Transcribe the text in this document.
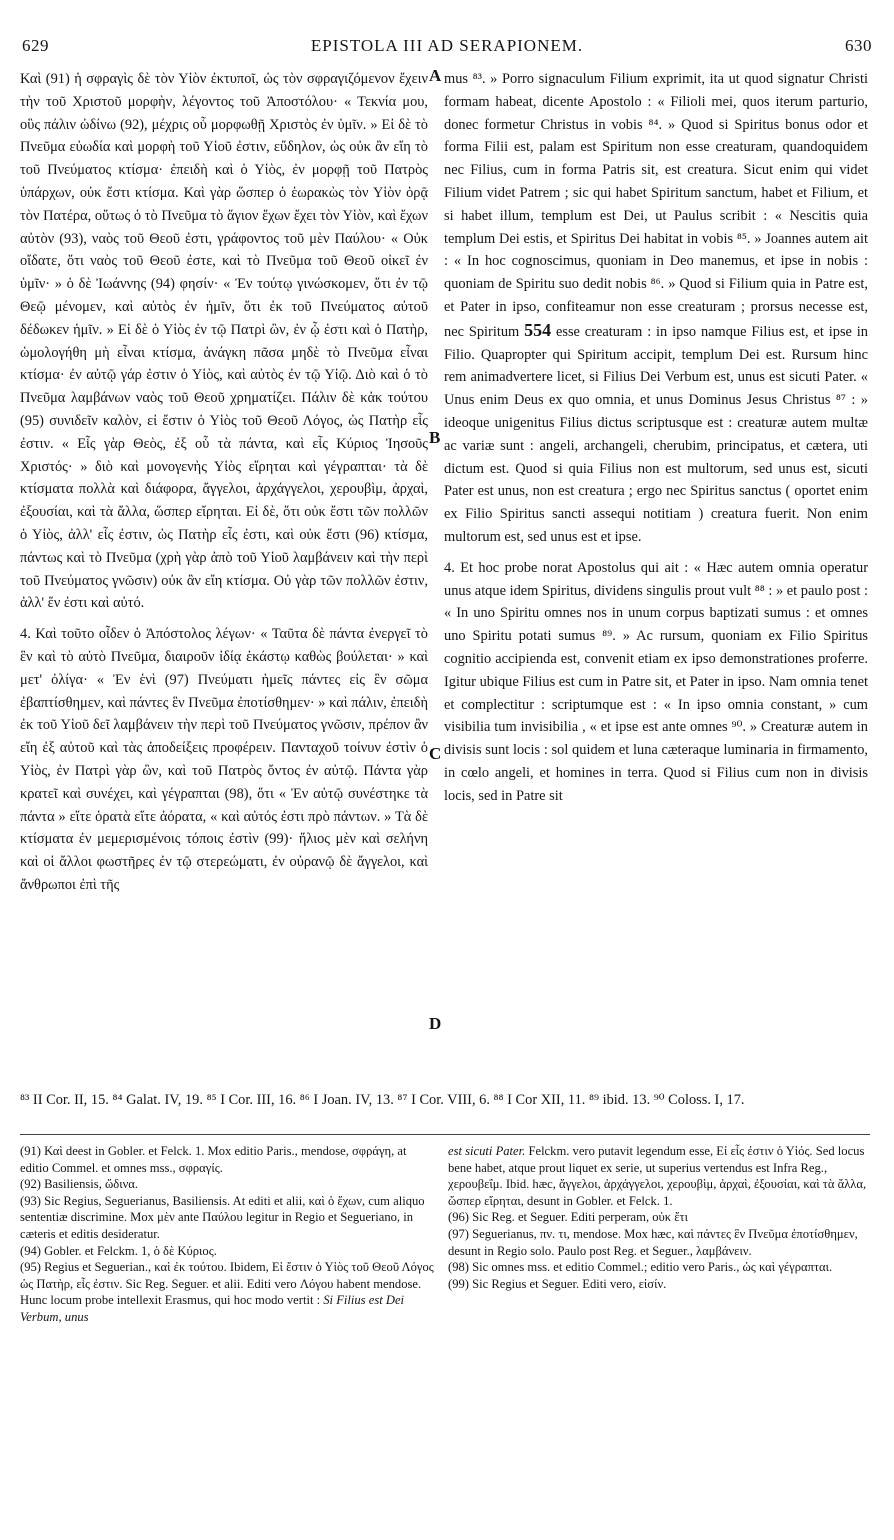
629	EPISTOLA III AD SERAPIONEM.	630
Καὶ (91) ἡ σφραγὶς δὲ τὸν Υἱὸν ἐκτυποῖ, ὡς τὸν σφραγιζόμενον ἔχειν τὴν τοῦ Χριστοῦ μορφὴν, λέγοντος τοῦ Ἀποστόλου· « Τεκνία μου, οὓς πάλιν ὠδίνω (92), μέχρις οὗ μορφωθῇ Χριστὸς ἐν ὑμῖν. » Εἰ δὲ τὸ Πνεῦμα εὐωδία καὶ μορφὴ τοῦ Υἱοῦ ἐστιν, εὔδηλον, ὡς οὐκ ἂν εἴη τὸ τοῦ Πνεύματος κτίσμα· ἐπειδὴ καὶ ὁ Υἱὸς, ἐν μορφῇ τοῦ Πατρὸς ὑπάρχων, οὐκ ἔστι κτίσμα. Καὶ γὰρ ὥσπερ ὁ ἑωρακὼς τὸν Υἱὸν ὁρᾷ τὸν Πατέρα, οὕτως ὁ τὸ Πνεῦμα τὸ ἅγιον ἔχων ἔχει τὸν Υἱὸν, καὶ ἔχων αὐτὸν (93), ναὸς τοῦ Θεοῦ ἐστι, γράφοντος τοῦ μὲν Παύλου· « Οὐκ οἴδατε, ὅτι ναὸς τοῦ Θεοῦ ἐστε, καὶ τὸ Πνεῦμα τοῦ Θεοῦ οἰκεῖ ἐν ὑμῖν· » ὁ δὲ Ἰωάννης (94) φησίν· « Ἐν τούτῳ γινώσκομεν, ὅτι ἐν τῷ Θεῷ μένομεν, καὶ αὐτὸς ἐν ἡμῖν, ὅτι ἐκ τοῦ Πνεύματος αὐτοῦ δέδωκεν ἡμῖν. » Εἰ δὲ ὁ Υἱὸς ἐν τῷ Πατρὶ ὢν, ἐν ᾧ ἐστι καὶ ὁ Πατὴρ, ὡμολογήθη μὴ εἶναι κτίσμα, ἀνάγκη πᾶσα μηδὲ τὸ Πνεῦμα εἶναι κτίσμα· ἐν αὐτῷ γάρ ἐστιν ὁ Υἱὸς, καὶ αὐτὸς ἐν τῷ Υἱῷ. Διὸ καὶ ὁ τὸ Πνεῦμα λαμβάνων ναὸς τοῦ Θεοῦ χρηματίζει. Πάλιν δὲ κἀκ τούτου (95) συνιδεῖν καλὸν, εἰ ἔστιν ὁ Υἱὸς τοῦ Θεοῦ Λόγος, ὡς Πατὴρ εἷς ἐστιν. « Εἷς γὰρ Θεὸς, ἐξ οὗ τὰ πάντα, καὶ εἷς Κύριος Ἰησοῦς Χριστός· » διὸ καὶ μονογενὴς Υἱὸς εἴρηται καὶ γέγραπται· τὰ δὲ κτίσματα πολλὰ καὶ διάφορα, ἄγγελοι, ἀρχάγγελοι, χερουβὶμ, ἀρχαὶ, ἐξουσίαι, καὶ τὰ ἄλλα, ὥσπερ εἴρηται. Εἰ δὲ, ὅτι οὐκ ἔστι τῶν πολλῶν ὁ Υἱὸς, ἀλλ' εἷς ἐστιν, ὡς Πατὴρ εἷς ἐστι, καὶ οὐκ ἔστι (96) κτίσμα, πάντως καὶ τὸ Πνεῦμα (χρὴ γὰρ ἀπὸ τοῦ Υἱοῦ λαμβάνειν καὶ τὴν περὶ τοῦ Πνεύματος γνῶσιν) οὐκ ἂν εἴη κτίσμα. Οὐ γὰρ τῶν πολλῶν ἐστιν, ἀλλ' ἕν ἐστι καὶ αὐτό.
4. Καὶ τοῦτο οἶδεν ὁ Ἀπόστολος λέγων· « Ταῦτα δὲ πάντα ἐνεργεῖ τὸ ἓν καὶ τὸ αὐτὸ Πνεῦμα, διαιροῦν ἰδίᾳ ἑκάστῳ καθὼς βούλεται· » καὶ μετ' ὀλίγα· « Ἐν ἑνὶ (97) Πνεύματι ἡμεῖς πάντες εἰς ἓν σῶμα ἐβαπτίσθημεν, καὶ πάντες ἓν Πνεῦμα ἐποτίσθημεν· » καὶ πάλιν, ἐπειδὴ ἐκ τοῦ Υἱοῦ δεῖ λαμβάνειν τὴν περὶ τοῦ Πνεύματος γνῶσιν, πρέπον ἂν εἴη ἐξ αὐτοῦ καὶ τὰς ἀποδείξεις προφέρειν. Πανταχοῦ τοίνυν ἐστὶν ὁ Υἱὸς, ἐν Πατρὶ γὰρ ὢν, καὶ τοῦ Πατρὸς ὄντος ἐν αὐτῷ. Πάντα γὰρ κρατεῖ καὶ συνέχει, καὶ γέγραπται (98), ὅτι « Ἐν αὐτῷ συνέστηκε τὰ πάντα » εἴτε ὁρατὰ εἴτε ἀόρατα, « καὶ αὐτός ἐστι πρὸ πάντων. » Τὰ δὲ κτίσματα ἐν μεμερισμένοις τόποις ἐστὶν (99)· ἥλιος μὲν καὶ σελήνη καὶ οἱ ἄλλοι φωστῆρες ἐν τῷ στερεώματι, ἐν οὐρανῷ δὲ ἄγγελοι, καὶ ἄνθρωποι ἐπὶ τῆς
A
B
C
D
mus ⁸³. » Porro signaculum Filium exprimit, ita ut quod signatur Christi formam habeat, dicente Apostolo : « Filioli mei, quos iterum parturio, donec formetur Christus in vobis ⁸⁴. » Quod si Spiritus bonus odor et forma Filii est, palam est Spiritum non esse creaturam, quandoquidem nec Filius, cum in forma Patris sit, est creatura. Sicut enim qui videt Filium videt Patrem ; sic qui habet Spiritum sanctum, habet et Filium, et si habet illum, templum est Dei, ut Paulus scribit : « Nescitis quia templum Dei estis, et Spiritus Dei habitat in vobis ⁸⁵. » Joannes autem ait : « In hoc cognoscimus, quoniam in Deo manemus, et ipse in nobis : quoniam de Spiritu suo dedit nobis ⁸⁶. » Quod si Filium quia in Patre est, et Pater in ipso, confiteamur non esse creaturam ; prorsus necesse est, nec Spiritum 554 esse creaturam : in ipso namque Filius est, et ipse in Filio. Quapropter qui Spiritum accipit, templum Dei est. Rursum hinc rem animadvertere licet, si Filius Dei Verbum est, unus est sicuti Pater. « Unus enim Deus ex quo omnia, et unus Dominus Jesus Christus ⁸⁷ : » ideoque unigenitus Filius dictus scriptusque est : creaturæ autem multæ ac variæ sunt : angeli, archangeli, cherubim, principatus, et cætera, uti dictum est. Quod si quia Filius non est multorum, sed unus est, sicuti Pater est unus, non est creatura ; ergo nec Spiritus sanctus ( oportet enim ex Filio Spiritus sancti assequi notitiam ) creatura fuerit. Non enim multorum est, sed unus est et ipse.
4. Et hoc probe norat Apostolus qui ait : « Hæc autem omnia operatur unus atque idem Spiritus, dividens singulis prout vult ⁸⁸ : » et paulo post : « In uno Spiritu omnes nos in unum corpus baptizati sumus : et omnes uno Spiritu potati sumus ⁸⁹. » Ac rursum, quoniam ex Filio Spiritus cognitio accipienda est, convenit etiam ex ipso demonstrationes proferre. Igitur ubique Filius est cum in Patre sit, et Pater in ipso. Nam omnia tenet et complectitur : scriptumque est : « In ipso omnia constant, » cum visibilia tum invisibilia , « et ipse est ante omnes ⁹⁰. » Creaturæ autem in divisis sunt locis : sol quidem et luna cæteraque luminaria in firmamento, in cœlo angeli, et homines in terra. Quod si Filius cum non in divisis locis, sed in Patre sit
⁸³ II Cor. II, 15. ⁸⁴ Galat. IV, 19. ⁸⁵ I Cor. III, 16. ⁸⁶ I Joan. IV, 13. ⁸⁷ I Cor. VIII, 6. ⁸⁸ I Cor XII, 11. ⁸⁹ ibid. 13. ⁹⁰ Coloss. I, 17.
(91) Καὶ deest in Gobler. et Felck. 1. Mox editio Paris., mendose, σφράγη, at editio Commel. et omnes mss., σφραγίς.
(92) Basiliensis, ὤδινα.
(93) Sic Regius, Seguerianus, Basiliensis. At editi et alii, καὶ ὁ ἔχων, cum aliquo sententiæ discrimine. Mox μὲν ante Παύλου legitur in Regio et Segueriano, in cæteris et editis desideratur.
(94) Gobler. et Felckm. 1, ὁ δὲ Κύριος.
(95) Regius et Seguerian., καὶ ἐκ τούτου. Ibidem, Εἰ ἔστιν ὁ Υἱὸς τοῦ Θεοῦ Λόγος ὡς Πατὴρ, εἷς ἐστιν. Sic Reg. Seguer. et alii. Editi vero Λόγου habent mendose. Hunc locum probe intellexit Erasmus, qui hoc modo vertit : Si Filius est Dei Verbum, unus
est sicuti Pater. Felckm. vero putavit legendum esse, Εἰ εἷς ἐστιν ὁ Υἱός. Sed locus bene habet, atque prout liquet ex serie, ut superius vertendus est Infra Reg., χερουβεΐμ. Ibid. hæc, ἄγγελοι, ἀρχάγγελοι, χερουβὶμ, ἀρχαὶ, ἐξουσίαι, καὶ τὰ ἄλλα, ὥσπερ εἴρηται, desunt in Gobler. et Felck. 1.
(96) Sic Reg. et Seguer. Editi perperam, οὐκ ἔτι
(97) Seguerianus, πν. τι, mendose. Mox hæc, καὶ πάντες ἓν Πνεῦμα ἐποτίσθημεν, desunt in Regio solo. Paulo post Reg. et Seguer., λαμβάνειν.
(98) Sic omnes mss. et editio Commel.; editio vero Paris., ὡς καὶ γέγραπται.
(99) Sic Regius et Seguer. Editi vero, εἰσίν.
